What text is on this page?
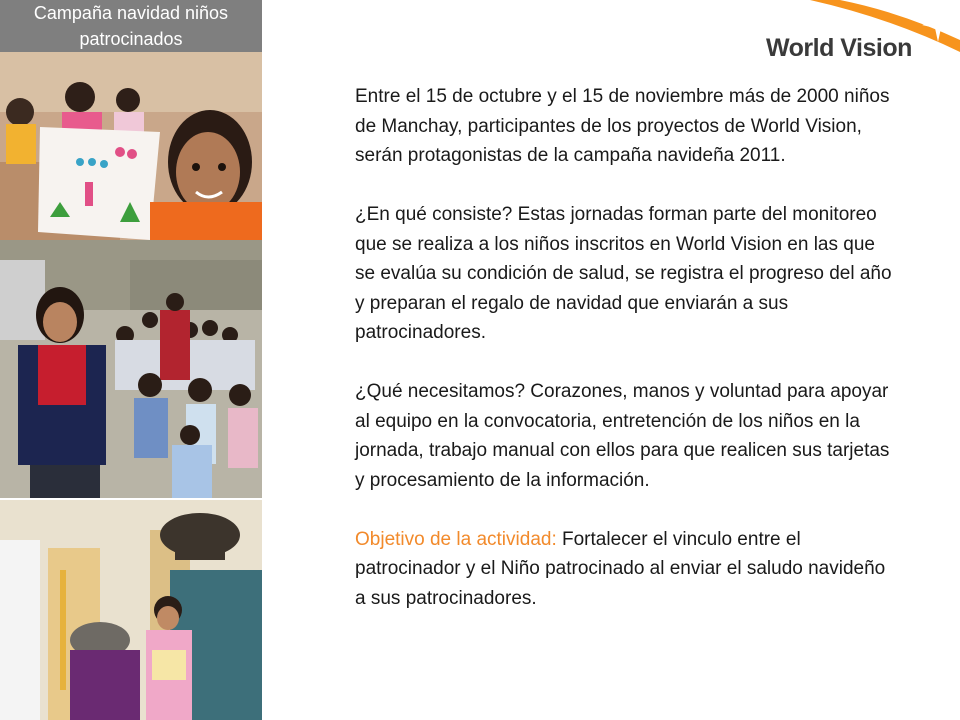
Campaña navidad niños patrocinados	World Vision

Entre el 15 de octubre y el 15 de noviembre más de 2000 niños de Manchay, participantes de los proyectos de World Vision, serán protagonistas de la campaña navideña 2011.

¿En qué consiste? Estas jornadas forman parte del monitoreo que se realiza a los niños inscritos en World Vision en las que se evalúa su condición de salud, se registra el progreso del año y preparan el regalo de navidad que enviarán a sus patrocinadores.

¿Qué necesitamos? Corazones, manos y voluntad para apoyar al equipo en la convocatoria, entretención de los niños en la jornada, trabajo manual con ellos para que realicen sus tarjetas y procesamiento de la información.

Objetivo de la actividad: Fortalecer el vinculo entre el patrocinador y el Niño patrocinado al enviar el saludo navideño a sus patrocinadores.
